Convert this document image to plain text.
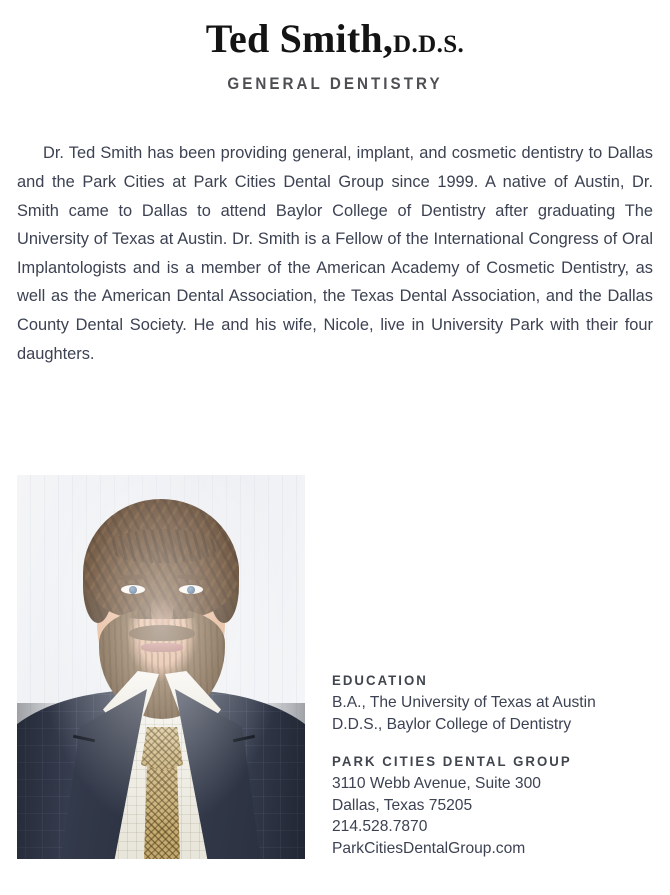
Ted Smith,D.D.S.
GENERAL DENTISTRY

Dr. Ted Smith has been providing general, implant, and cosmetic dentistry to Dallas and the Park Cities at Park Cities Dental Group since 1999. A native of Austin, Dr. Smith came to Dallas to attend Baylor College of Dentistry after graduating The University of Texas at Austin. Dr. Smith is a Fellow of the International Congress of Oral Implantologists and is a member of the American Academy of Cosmetic Dentistry, as well as the American Dental Association, the Texas Dental Association, and the Dallas County Dental Society. He and his wife, Nicole, live in University Park with their four daughters.

EDUCATION
B.A., The University of Texas at Austin
D.D.S., Baylor College of Dentistry
PARK CITIES DENTAL GROUP
3110 Webb Avenue, Suite 300
Dallas, Texas 75205
214.528.7870
ParkCitiesDentalGroup.com
